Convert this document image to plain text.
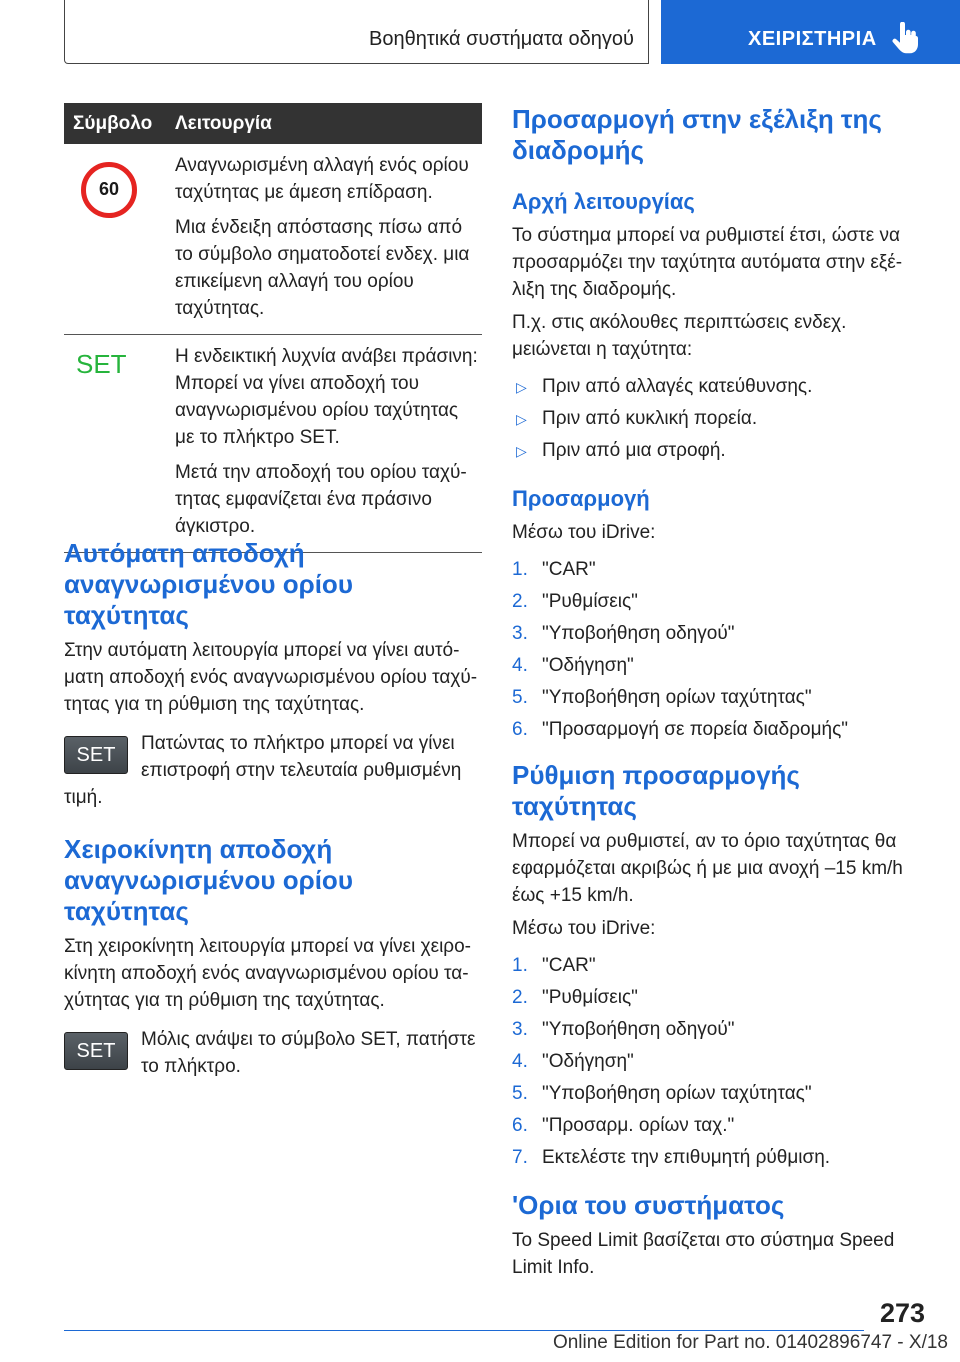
Βοηθητικά συστήματα οδηγού	ΧΕΙΡΙΣΤΗΡΙΑ
Σύμβολο Λειτουργία
60

Αναγνωρισμένη αλλαγή ενός ορίου ταχύτητας με άμεση επίδραση.

Μια ένδειξη απόστασης πίσω από το σύμβολο σηματοδοτεί ενδεχ. μια επικείμενη αλλαγή του ορίου ταχύτητας.

SET	Η ενδεικτική λυχνία ανάβει πράσινη: Μπορεί να γίνει αποδοχή του αναγνωρισμένου ορίου ταχύτητας με το πλήκτρο SET.

Μετά την αποδοχή του ορίου ταχύτητας εμφανίζεται ένα πράσινο άγκιστρο.

Αυτόματη αποδοχή αναγνωρισμένου ορίου ταχύτητας

Στην αυτόματη λειτουργία μπορεί να γίνει αυτόματη αποδοχή ενός αναγνωρισμένου ορίου ταχύτητας για τη ρύθμιση της ταχύτητας.

SET
Πατώντας το πλήκτρο μπορεί να γίνει επιστροφή στην τελευταία ρυθμισμένη τιμή.
Χειροκίνητη αποδοχή αναγνωρισμένου ορίου ταχύτητας

Στη χειροκίνητη λειτουργία μπορεί να γίνει χειροκίνητη αποδοχή ενός αναγνωρισμένου ορίου ταχύτητας για τη ρύθμιση της ταχύτητας.

SET
Μόλις ανάψει το σύμβολο SET, πατήστε το πλήκτρο.
Προσαρμογή στην εξέλιξη της διαδρομής
Αρχή λειτουργίας

Το σύστημα μπορεί να ρυθμιστεί έτσι, ώστε να προσαρμόζει την ταχύτητα αυτόματα στην εξέλιξη της διαδρομής.

Π.χ. στις ακόλουθες περιπτώσεις ενδεχ. μειώνεται η ταχύτητα:

▷ Πριν από αλλαγές κατεύθυνσης.
▷ Πριν από κυκλική πορεία.
▷ Πριν από μια στροφή.
Προσαρμογή

Μέσω του iDrive:

1. "CAR"
2. "Ρυθμίσεις"
3. "Υποβοήθηση οδηγού"
4. "Οδήγηση"
5. "Υποβοήθηση ορίων ταχύτητας"
6. "Προσαρμογή σε πορεία διαδρομής"
Ρύθμιση προσαρμογής ταχύτητας

Μπορεί να ρυθμιστεί, αν το όριο ταχύτητας θα εφαρμόζεται ακριβώς ή με μια ανοχή –15 km/h έως +15 km/h.

Μέσω του iDrive:

1. "CAR"
2. "Ρυθμίσεις"
3. "Υποβοήθηση οδηγού"
4. "Οδήγηση"
5. "Υποβοήθηση ορίων ταχύτητας"
6. "Προσαρμ. ορίων ταχ."
7. Εκτελέστε την επιθυμητή ρύθμιση.
'Ορια του συστήματος

Το Speed Limit βασίζεται στο σύστημα Speed Limit Info.

273
Online Edition for Part no. 01402896747 - X/18
